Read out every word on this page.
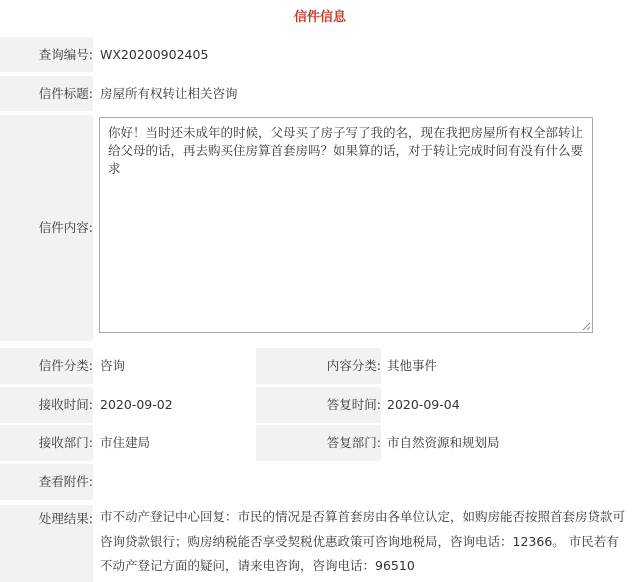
信件信息
查询编号: WX20200902405
信件标题: 房屋所有权转让相关咨询
信件内容:
你好！当时还未成年的时候，父母买了房子写了我的名，现在我把房屋所有权全部转让给父母的话，再去购买住房算首套房吗？如果算的话，对于转让完成时间有没有什么要求
信件分类: 咨询	内容分类: 其他事件
接收时间: 2020-09-02	答复时间: 2020-09-04
接收部门: 市住建局	答复部门: 市自然资源和规划局
查看附件:
处理结果: 市不动产登记中心回复：市民的情况是否算首套房由各单位认定，如购房能否按照首套房贷款可咨询贷款银行；购房纳税能否享受契税优惠政策可咨询地税局，咨询电话：12366。 市民若有不动产登记方面的疑问，请来电咨询，咨询电话：96510
